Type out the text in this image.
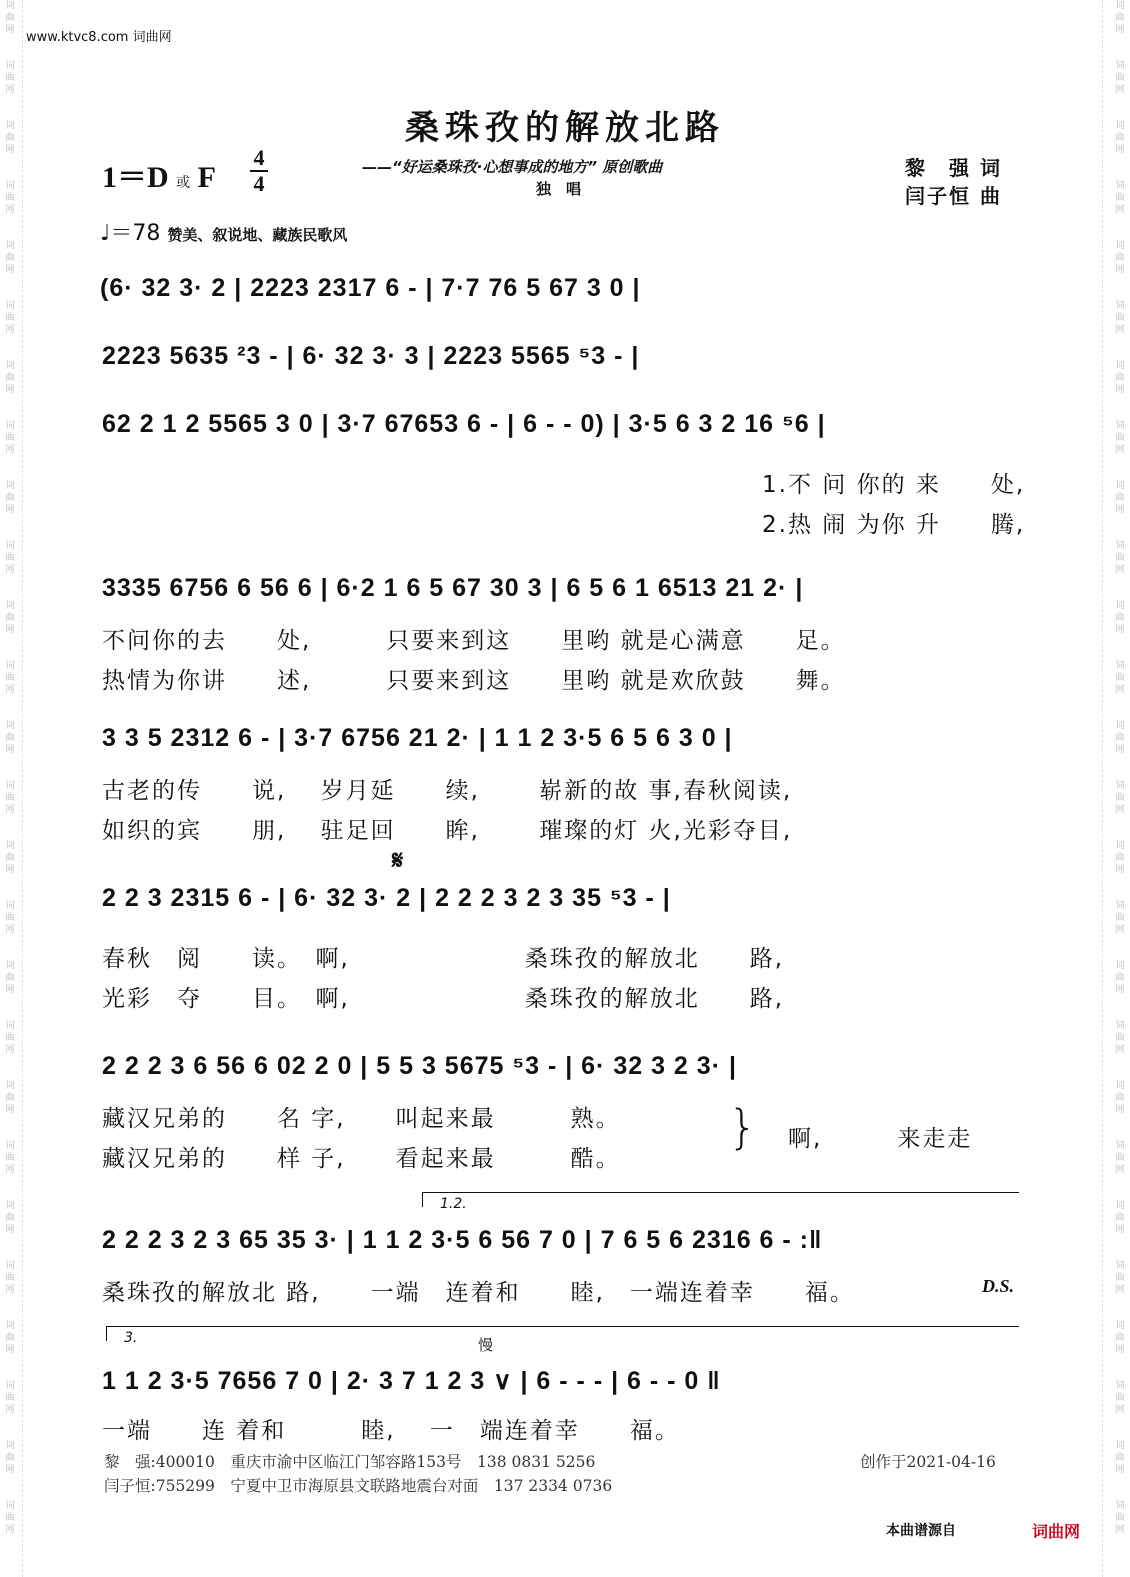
词
曲
网
词
曲
网
词
曲
网
词
曲
网
词
曲
网
词
曲
网
词
曲
网
词
曲
网
词
曲
网
词
曲
网
词
曲
网
词
曲
网
词
曲
网
词
曲
网
词
曲
网
词
曲
网
词
曲
网
词
曲
网
词
曲
网
词
曲
网
词
曲
网
词
曲
网
词
曲
网
词
曲
网
词
曲
网
词
曲
网
词
曲
网
词
曲
网
词
曲
网
词
曲
网
词
曲
网
词
曲
网
词
曲
网
词
曲
网
词
曲
网
词
曲
网
词
曲
网
词
曲
网
词
曲
网
词
曲
网
词
曲
网
词
曲
网
词
曲
网
词
曲
网
词
曲
网
词
曲
网
词
曲
网
词
曲
网
词
曲
网
词
曲
网
词
曲
网
词
曲
网
www.ktvc8.com 词曲网
桑珠孜的解放北路
1＝D 或 F
4
4
——“好运桑珠孜·心想事成的地方” 原创歌曲
独　唱
黎　强 词
闫子恒 曲
♩＝78 赞美、叙说地、藏族民歌风
(6· 32 3· 2 | 2223 2317 6 - | 7·7 76 5 67 3 0 |
2223 5635 ²3 - | 6· 32 3· 3 | 2223 5565 ⁵3 - |
62 2 1 2 5565 3 0 | 3·7 67653 6 - | 6 - - 0) | 3·5 6 3 2 16 ⁵6 |
1.不 问 你的 来　　处,
2.热 闹 为你 升　　腾,
3335 6756 6 56 6 | 6·2 1 6 5 67 30 3 | 6 5 6 1 6513 21 2· |
不问你的去　　处,　　　只要来到这　　里哟 就是心满意　　足。
热情为你讲　　述,　　　只要来到这　　里哟 就是欢欣鼓　　舞。
3 3 5 2312 6 - | 3·7 6756 21 2· | 1 1 2 3·5 6 5 6 3 0 |
古老的传　　说,　 岁月延　　续,　　 崭新的故 事,春秋阅读,
如织的宾　　朋,　 驻足回　　眸,　　 璀璨的灯 火,光彩夺目,
𝄋
2 2 3 2315 6 - | 6· 32 3· 2 | 2 2 2 3 2 3 35 ⁵3 - |
春秋　阅　　读。　啊,　　　　　　　桑珠孜的解放北　　路,
光彩　夺　　目。　啊,　　　　　　　桑珠孜的解放北　　路,
2 2 2 3 6 56 6 02 2 0 | 5 5 3 5675 ⁵3 - | 6· 32 3 2 3· |
藏汉兄弟的　　名 字,　　叫起来最　　　熟。
藏汉兄弟的　　样 子,　　看起来最　　　酷。
} 啊,　　　来走走
1.2.
2 2 2 3 2 3 65 35 3· | 1 1 2 3·5 6 56 7 0 | 7 6 5 6 2316 6 - :‖
桑珠孜的解放北 路,　　一端　连着和　　睦,　一端连着幸　　福。	D.S.
3.	慢
1 1 2 3·5 7656 7 0 | 2· 3 7 1 2 3 ∨ | 6 - - - | 6 - - 0 ‖
一端　　连 着和　　　睦,　 一　端连着幸　　福。
黎　强:400010　重庆市渝中区临江门邹容路153号　138 0831 5256	创作于2021-04-16
闫子恒:755299　宁夏中卫市海原县文联路地震台对面　137 2334 0736
本曲谱源自	词曲网
